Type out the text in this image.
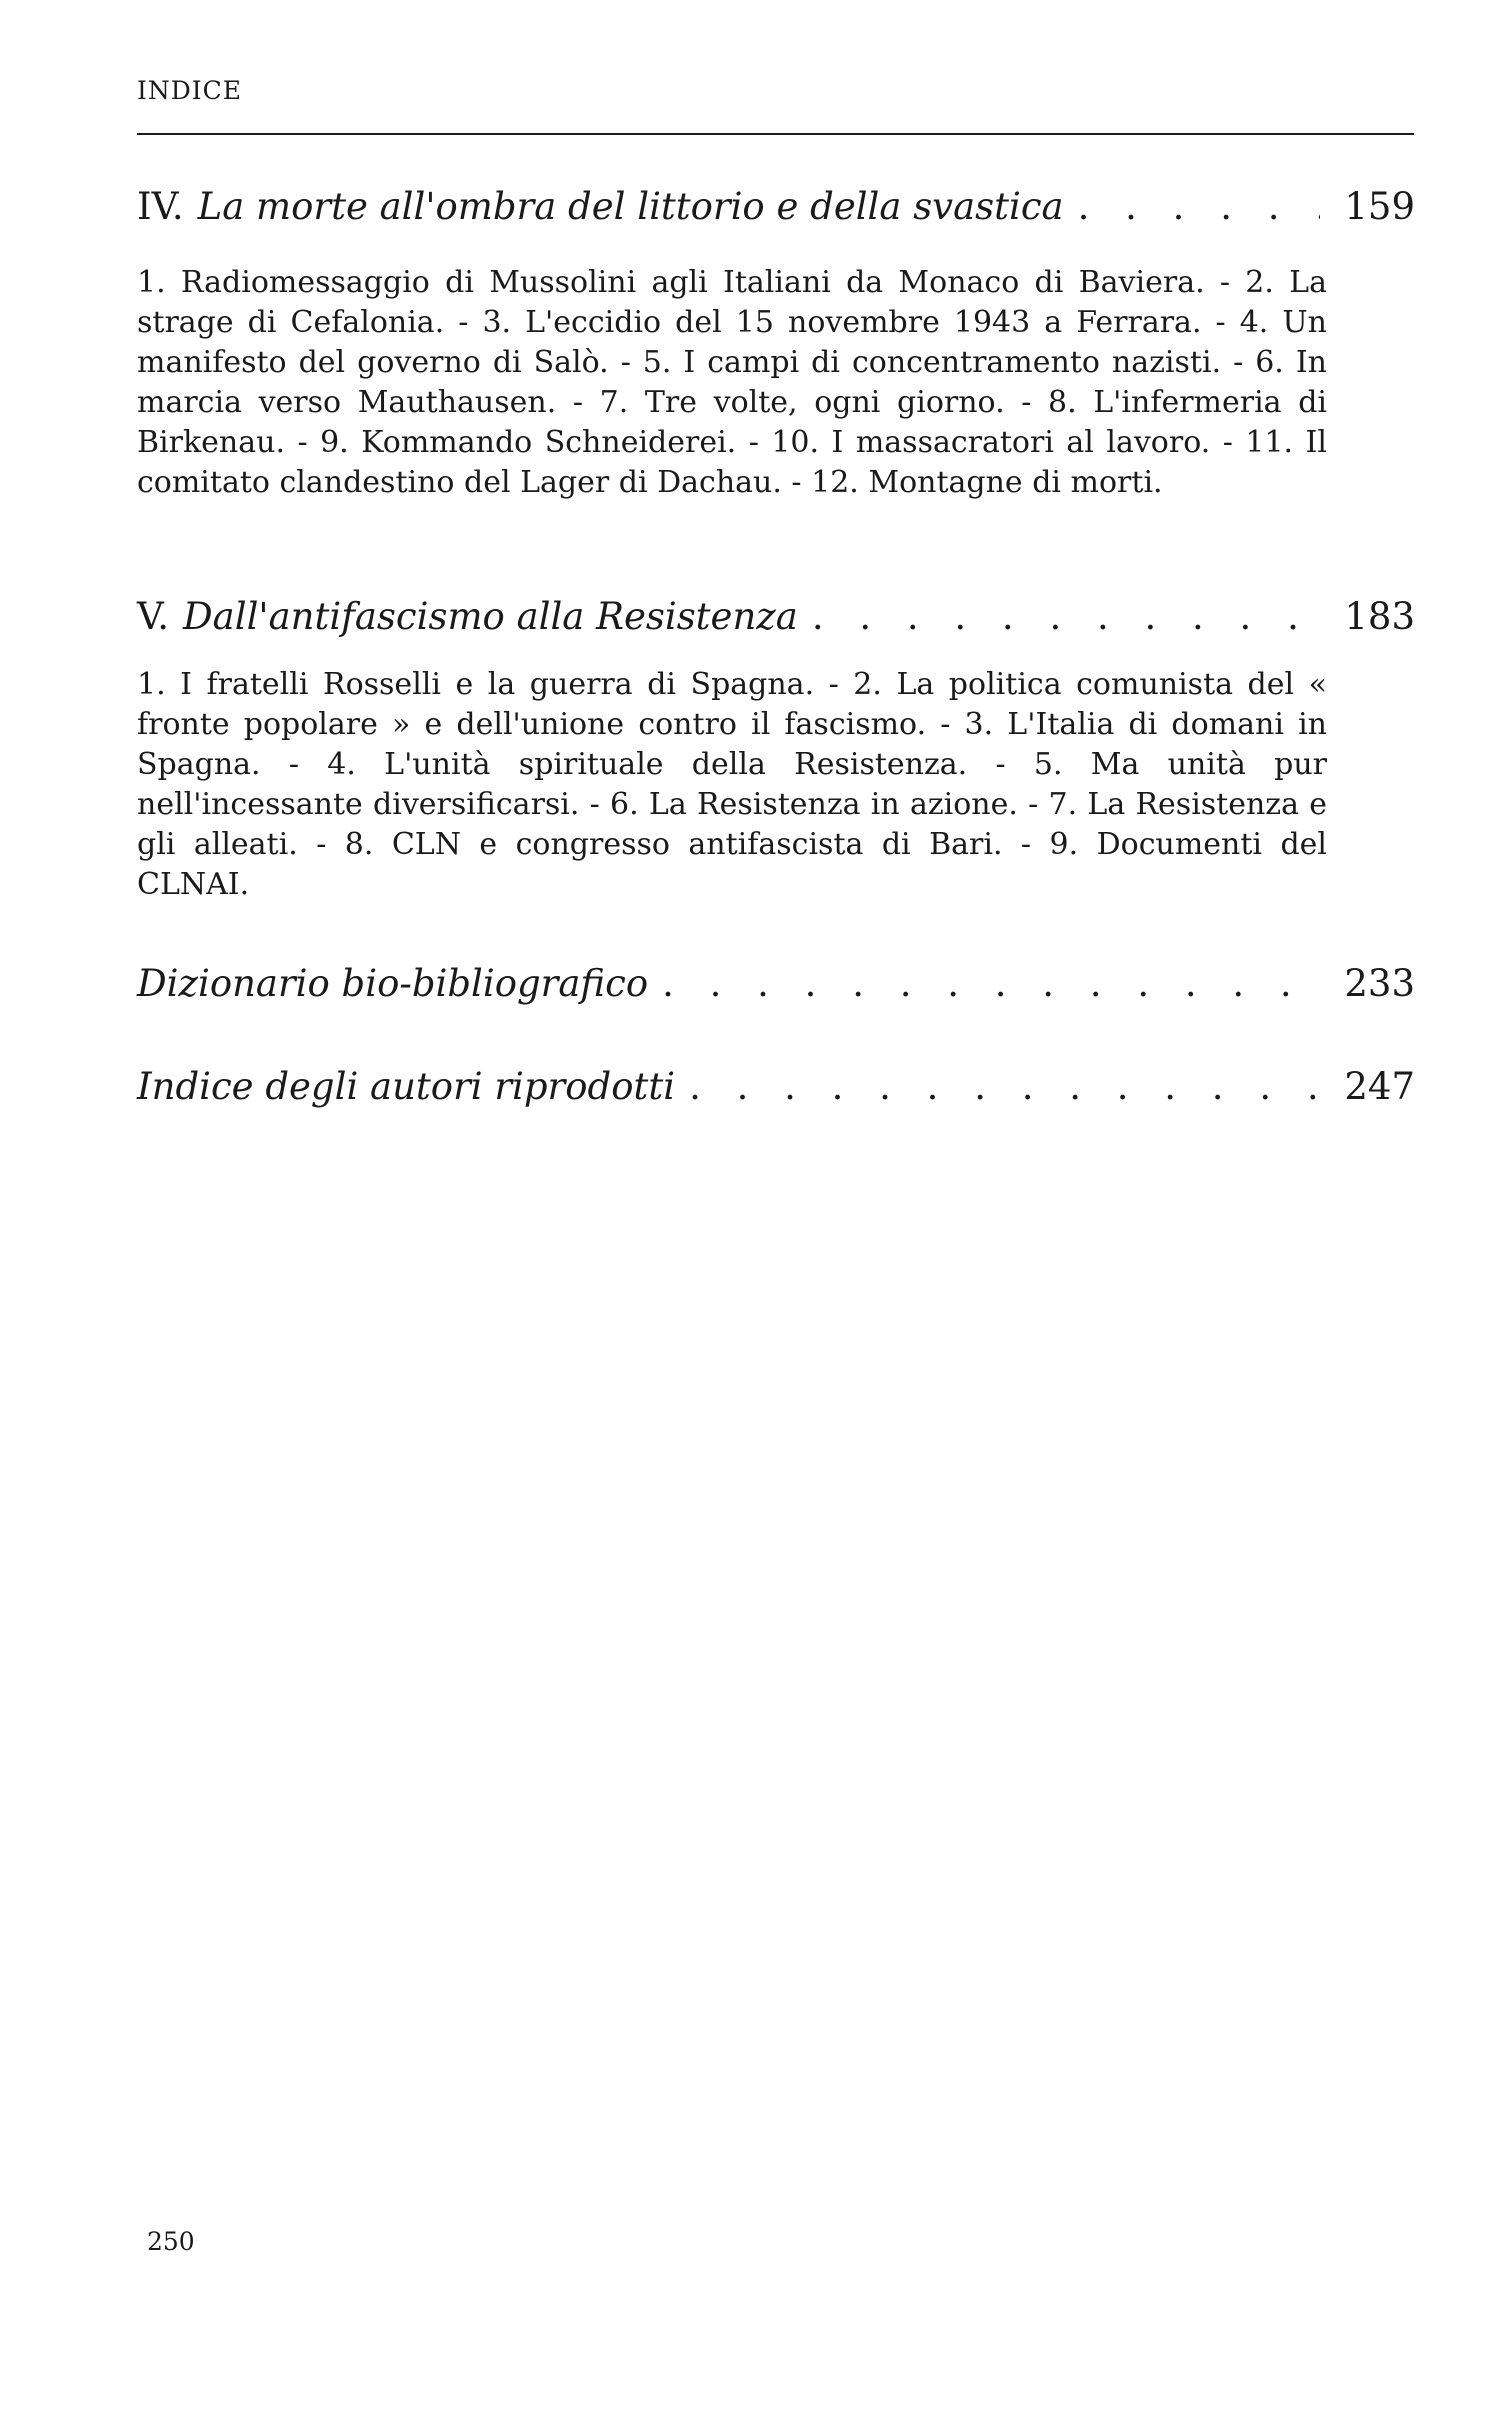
INDICE
IV. La morte all'ombra del littorio e della svastica . . .	159

1. Radiomessaggio di Mussolini agli Italiani da Monaco di Baviera. - 2. La strage di Cefalonia. - 3. L'eccidio del 15 novembre 1943 a Ferrara. - 4. Un manifesto del governo di Salò. - 5. I campi di concentramento nazisti. - 6. In marcia verso Mauthausen. - 7. Tre volte, ogni giorno. - 8. L'infermeria di Birkenau. - 9. Kommando Schneiderei. - 10. I massacratori al lavoro. - 11. Il comitato clandestino del Lager di Dachau. - 12. Montagne di morti.

V. Dall'antifascismo alla Resistenza . . .	183

1. I fratelli Rosselli e la guerra di Spagna. - 2. La politica comunista del « fronte popolare » e dell'unione contro il fascismo. - 3. L'Italia di domani in Spagna. - 4. L'unità spirituale della Resistenza. - 5. Ma unità pur nell'incessante diversificarsi. - 6. La Resistenza in azione. - 7. La Resistenza e gli alleati. - 8. CLN e congresso antifascista di Bari. - 9. Documenti del CLNAI.

Dizionario bio-bibliografico . . .	233
Indice degli autori riprodotti . . .	247

250
